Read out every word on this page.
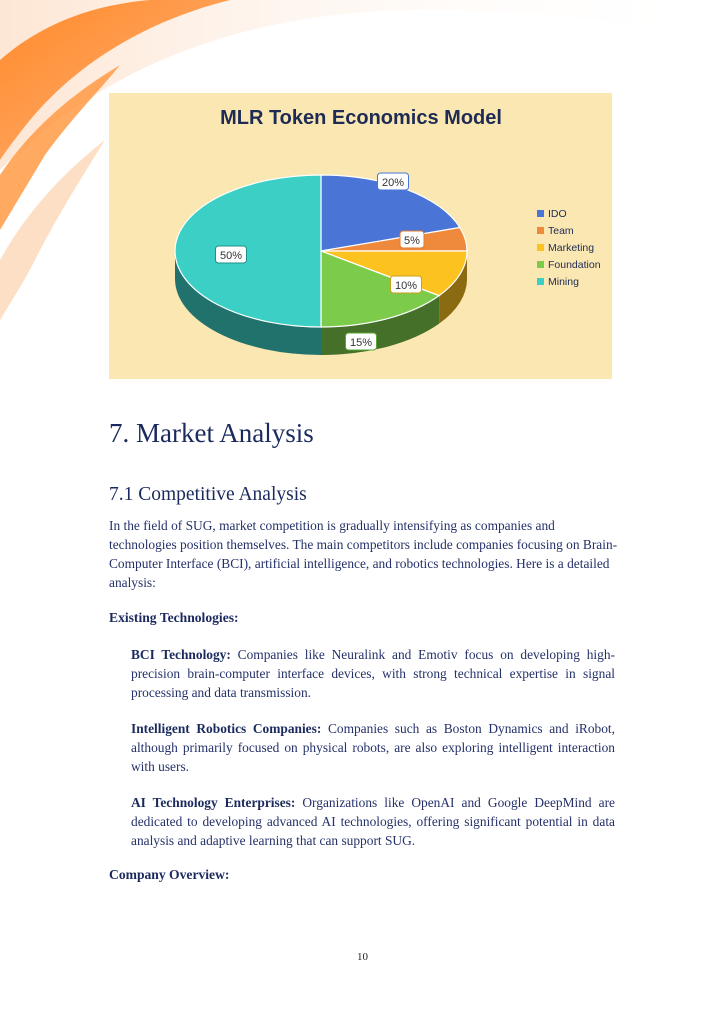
MLR Token Economics Model
20%
5%
10%
15%
50%
IDO
Team
Marketing
Foundation
Mining
7. Market Analysis
7.1 Competitive Analysis

In the field of SUG, market competition is gradually intensifying as companies and technologies position themselves. The main competitors include companies focusing on Brain-Computer Interface (BCI), artificial intelligence, and robotics technologies. Here is a detailed analysis:

Existing Technologies:

BCI Technology: Companies like Neuralink and Emotiv focus on developing high-precision brain-computer interface devices, with strong technical expertise in signal processing and data transmission.

Intelligent Robotics Companies: Companies such as Boston Dynamics and iRobot, although primarily focused on physical robots, are also exploring intelligent interaction with users.

AI Technology Enterprises: Organizations like OpenAI and Google DeepMind are dedicated to developing advanced AI technologies, offering significant potential in data analysis and adaptive learning that can support SUG.

Company Overview:

10
